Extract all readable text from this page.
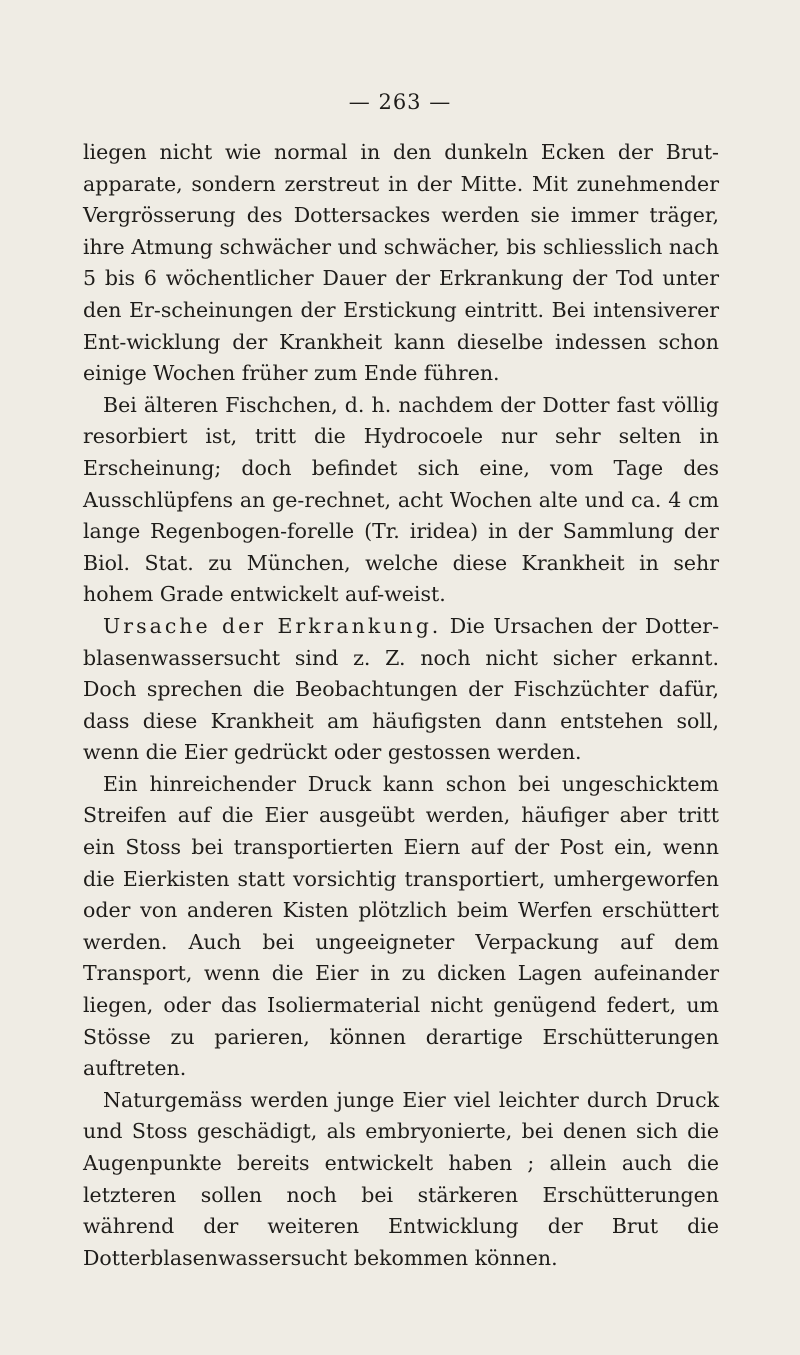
— 263 —

liegen nicht wie normal in den dunkeln Ecken der Brut-apparate, sondern zerstreut in der Mitte. Mit zunehmender Vergrösserung des Dottersackes werden sie immer träger, ihre Atmung schwächer und schwächer, bis schliesslich nach 5 bis 6 wöchentlicher Dauer der Erkrankung der Tod unter den Er-scheinungen der Erstickung eintritt. Bei intensiverer Ent-wicklung der Krankheit kann dieselbe indessen schon einige Wochen früher zum Ende führen.

Bei älteren Fischchen, d. h. nachdem der Dotter fast völlig resorbiert ist, tritt die Hydrocoele nur sehr selten in Erscheinung; doch befindet sich eine, vom Tage des Ausschlüpfens an ge-rechnet, acht Wochen alte und ca. 4 cm lange Regenbogen-forelle (Tr. iridea) in der Sammlung der Biol. Stat. zu München, welche diese Krankheit in sehr hohem Grade entwickelt auf-weist.

Ursache der Erkrankung. Die Ursachen der Dotter-blasenwassersucht sind z. Z. noch nicht sicher erkannt. Doch sprechen die Beobachtungen der Fischzüchter dafür, dass diese Krankheit am häufigsten dann entstehen soll, wenn die Eier gedrückt oder gestossen werden.

Ein hinreichender Druck kann schon bei ungeschicktem Streifen auf die Eier ausgeübt werden, häufiger aber tritt ein Stoss bei transportierten Eiern auf der Post ein, wenn die Eierkisten statt vorsichtig transportiert, umhergeworfen oder von anderen Kisten plötzlich beim Werfen erschüttert werden. Auch bei ungeeigneter Verpackung auf dem Transport, wenn die Eier in zu dicken Lagen aufeinander liegen, oder das Isoliermaterial nicht genügend federt, um Stösse zu parieren, können derartige Erschütterungen auftreten.

Naturgemäss werden junge Eier viel leichter durch Druck und Stoss geschädigt, als embryonierte, bei denen sich die Augenpunkte bereits entwickelt haben ; allein auch die letzteren sollen noch bei stärkeren Erschütterungen während der weiteren Entwicklung der Brut die Dotterblasenwassersucht bekommen können.
